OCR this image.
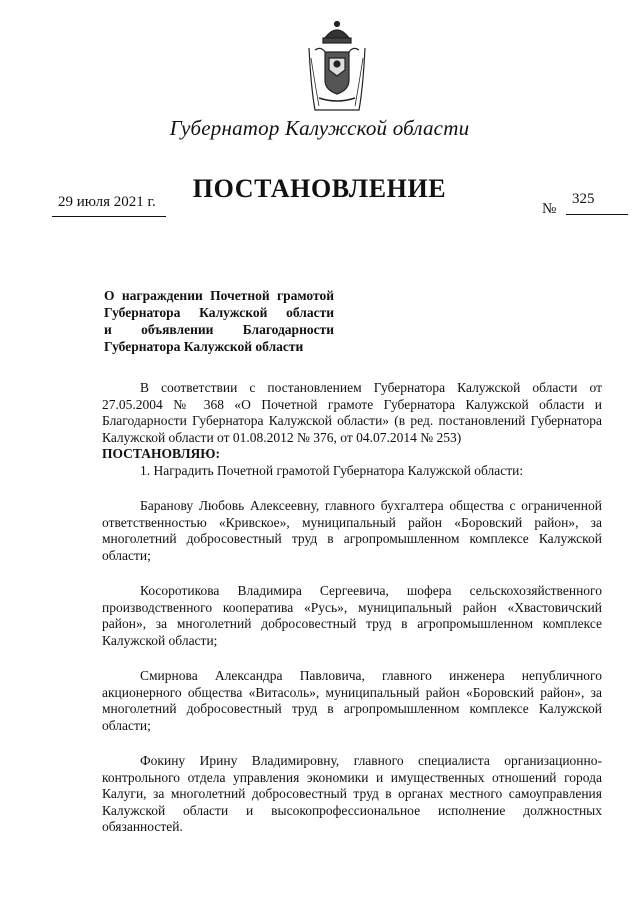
Губернатор Калужской области
ПОСТАНОВЛЕНИЕ
29 июля 2021 г.	№
325
О награждении Почетной грамотой
Губернатора Калужской области
и объявлении Благодарности
Губернатора Калужской области

В соответствии с постановлением Губернатора Калужской области от 27.05.2004 № 368 «О Почетной грамоте Губернатора Калужской области и Благодарности Губернатора Калужской области» (в ред. постановлений Губернатора Калужской области от 01.08.2012 № 376, от 04.07.2014 № 253)

ПОСТАНОВЛЯЮ:

1. Наградить Почетной грамотой Губернатора Калужской области:

Баранову Любовь Алексеевну, главного бухгалтера общества с ограниченной ответственностью «Кривское», муниципальный район «Боровский район», за многолетний добросовестный труд в агропромышленном комплексе Калужской области;

Косоротикова Владимира Сергеевича, шофера сельскохозяйственного производственного кооператива «Русь», муниципальный район «Хвастовичский район», за многолетний добросовестный труд в агропромышленном комплексе Калужской области;

Смирнова Александра Павловича, главного инженера непубличного акционерного общества «Витасоль», муниципальный район «Боровский район», за многолетний добросовестный труд в агропромышленном комплексе Калужской области;

Фокину Ирину Владимировну, главного специалиста организационно-контрольного отдела управления экономики и имущественных отношений города Калуги, за многолетний добросовестный труд в органах местного самоуправления Калужской области и высокопрофессиональное исполнение должностных обязанностей.
